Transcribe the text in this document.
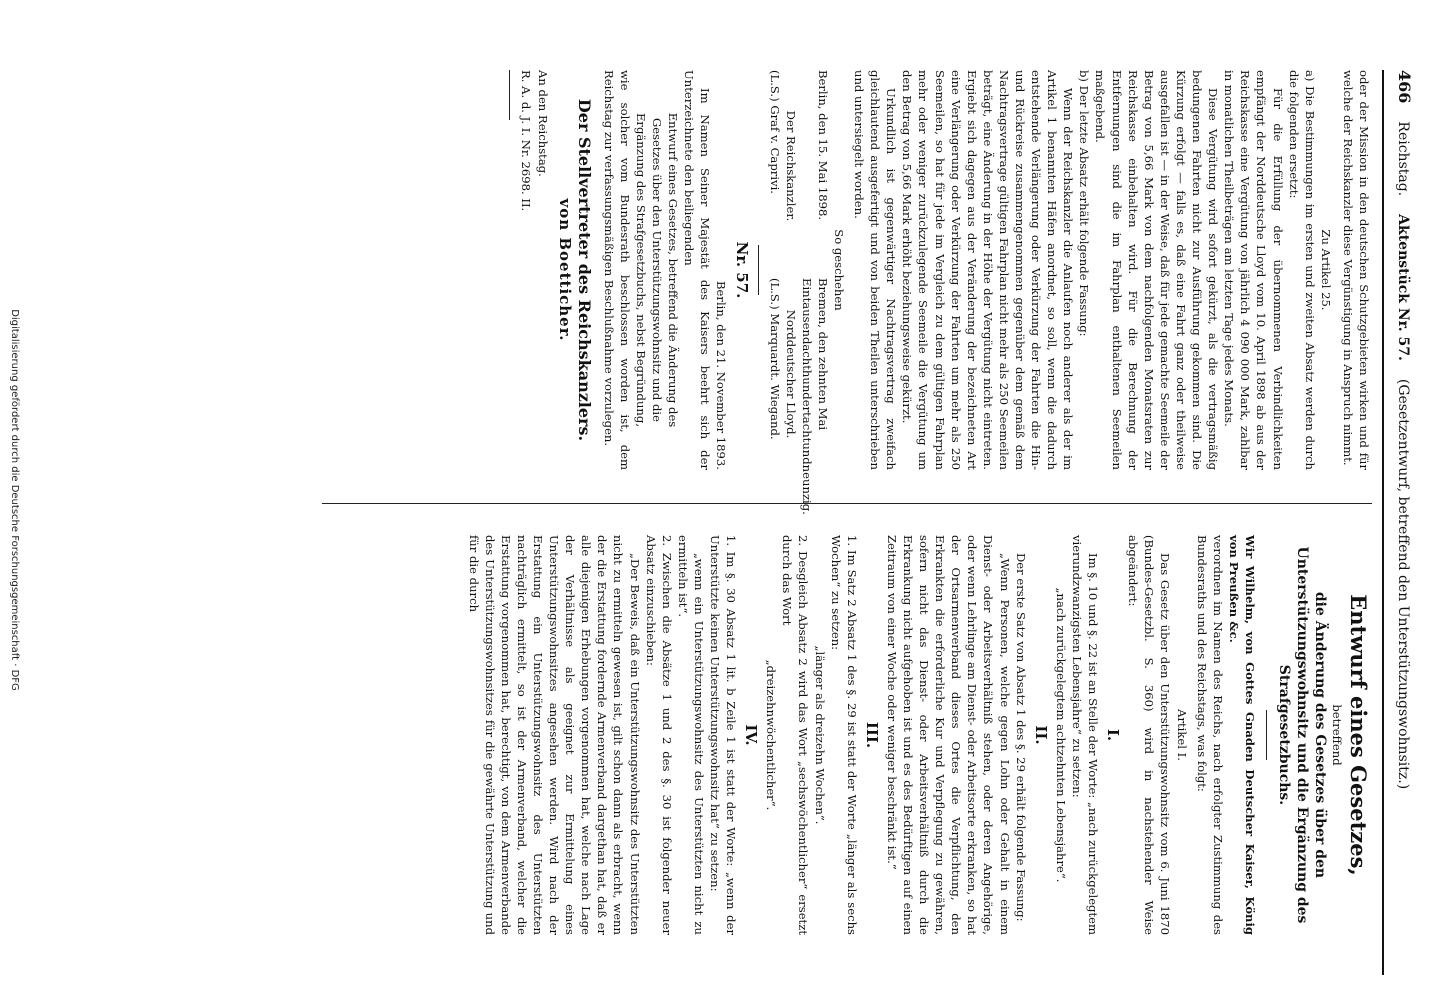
466
Reichstag.
Aktenstück Nr. 57.
(Gesetzentwurf, betreffend den Unterstützungswohnsitz.)

oder der Mission in den deutschen Schutzgebieten wirken und für welche der Reichskanzler diese Vergünstigung in Anspruch nimmt.

Zu Artikel 25.

a) Die Bestimmungen im ersten und zweiten Absatz werden durch die folgenden ersetzt:

Für die Erfüllung der übernommenen Verbindlichkeiten empfängt der Norddeutsche Lloyd vom 10. April 1898 ab aus der Reichskasse eine Vergütung von jährlich 4 090 000 Mark, zahlbar in monatlichen Theilbeträgen am letzten Tage jedes Monats.

Diese Vergütung wird sofort gekürzt, als die vertragsmäßig bedungenen Fahrten nicht zur Ausführung gekommen sind. Die Kürzung erfolgt — falls es, daß eine Fahrt ganz oder theilweise ausgefallen ist — in der Weise, daß für jede gemachte Seemeile der Betrag von 5,66 Mark von dem nachfolgenden Monatsraten zur Reichskasse einbehalten wird. Für die Berechnung der Entfernungen sind die im Fahrplan enthaltenen Seemeilen maßgebend.

b) Der letzte Absatz erhält folgende Fassung:

Wenn der Reichskanzler die Anlaufen noch anderer als der im Artikel 1 benannten Häfen anordnet, so soll, wenn die dadurch entstehende Verlängerung oder Verkürzung der Fahrten die Hin- und Rückreise zusammengenommen gegenüber dem gemäß dem Nachtragsvertrage gültigen Fahrplan nicht mehr als 250 Seemeilen beträgt, eine Änderung in der Höhe der Vergütung nicht eintreten. Ergiebt sich dagegen aus der Veränderung der bezeichneten Art eine Verlängerung oder Verkürzung der Fahrten um mehr als 250 Seemeilen, so hat für jede im Vergleich zu dem gültigen Fahrplan mehr oder weniger zurückzulegende Seemeile die Vergütung um den Betrag von 5,66 Mark erhöht beziehungsweise gekürzt.

Urkundlich ist gegenwärtiger Nachtragsvertrag zweifach gleichlautend ausgefertigt und von beiden Theilen unterschrieben und untersiegelt worden.

So geschehen

Berlin, den 15. Mai 1898.

Bremen, den zehnten Mai Eintausendachthundertachtundneunzig.

Der Reichskanzler.

Norddeutscher Lloyd.

(L.S.) Graf v. Caprivi.

(L.S.) Marquardt. Wiegand.

Nr. 57.

Berlin, den 21. November 1893.

Im Namen Seiner Majestät des Kaisers beehrt sich der Unterzeichnete den beiliegenden

Entwurf eines Gesetzes, betreffend die Änderung des Gesetzes über den Unterstützungswohnsitz und die Ergänzung des Strafgesetzbuchs, nebst Begründung,

wie solcher vom Bundesrath beschlossen worden ist, dem Reichstag zur verfassungsmäßigen Beschlußnahme vorzulegen.

Der Stellvertreter des Reichskanzlers.

von Boetticher.

An den Reichstag.

R. A. d. J. I. Nr. 2698. II.

Entwurf eines Gesetzes,

betreffend

die Änderung des Gesetzes über den Unterstützungswohnsitz und die Ergänzung des Strafgesetzbuchs.

Wir Wilhelm, von Gottes Gnaden Deutscher Kaiser, König von Preußen &c.

verordnen im Namen des Reichs, nach erfolgter Zustimmung des Bundesraths und des Reichstags, was folgt:

Artikel I.

Das Gesetz über den Unterstützungswohnsitz vom 6. Juni 1870 (Bundes-Gesetzbl. S. 360) wird in nachstehender Weise abgeändert:

I.

Im §. 10 und §. 22 ist an Stelle der Worte: „nach zurückgelegtem vierundzwanzigsten Lebensjahre“ zu setzen:

„nach zurückgelegtem achtzehnten Lebensjahre“.

II.

Der erste Satz von Absatz 1 des §. 29 erhält folgende Fassung:

„Wenn Personen, welche gegen Lohn oder Gehalt in einem Dienst- oder Arbeitsverhältniß stehen, oder deren Angehörige, oder wenn Lehrlinge am Dienst- oder Arbeitsorte erkranken, so hat der Ortsarmenverband dieses Ortes die Verpflichtung, den Erkrankten die erforderliche Kur und Verpflegung zu gewähren, sofern nicht das Dienst- oder Arbeitsverhältniß durch die Erkrankung nicht aufgehoben ist und es des Bedürftigen auf einen Zeitraum von einer Woche oder weniger beschränkt ist.“

III.

1. Im Satz 2 Absatz 1 des §. 29 ist statt der Worte „länger als sechs Wochen“ zu setzen:

„länger als dreizehn Wochen“.

2. Desgleich Absatz 2 wird das Wort „sechswöchentlicher“ ersetzt durch das Wort

„dreizehnwöchentlicher“.

IV.

1. Im §. 30 Absatz 1 lit. b Zeile 1 ist statt der Worte: „wenn der Unterstützte keinen Unterstützungswohnsitz hat“ zu setzen:

„wenn ein Unterstützungswohnsitz des Unterstützten nicht zu ermitteln ist“.

2. Zwischen die Absätze 1 und 2 des §. 30 ist folgender neuer Absatz einzuschieben:

„Der Beweis, daß ein Unterstützungswohnsitz des Unterstützten nicht zu ermitteln gewesen ist, gilt schon dann als erbracht, wenn der die Erstattung fordernde Armenverband dargethan hat, daß er alle diejenigen Erhebungen vorgenommen hat, welche nach Lage der Verhältnisse als geeignet zur Ermittelung eines Unterstützungswohnsitzes angesehen werden. Wird nach der Erstattung ein Unterstützungswohnsitz des Unterstützten nachträglich ermittelt, so ist der Armenverband, welcher die Erstattung vorgenommen hat, berechtigt, von dem Armenverbande des Unterstützungswohnsitzes für die gewährte Unterstützung und für die durch

Digitalisierung gefördert durch die Deutsche Forschungsgemeinschaft · DFG
